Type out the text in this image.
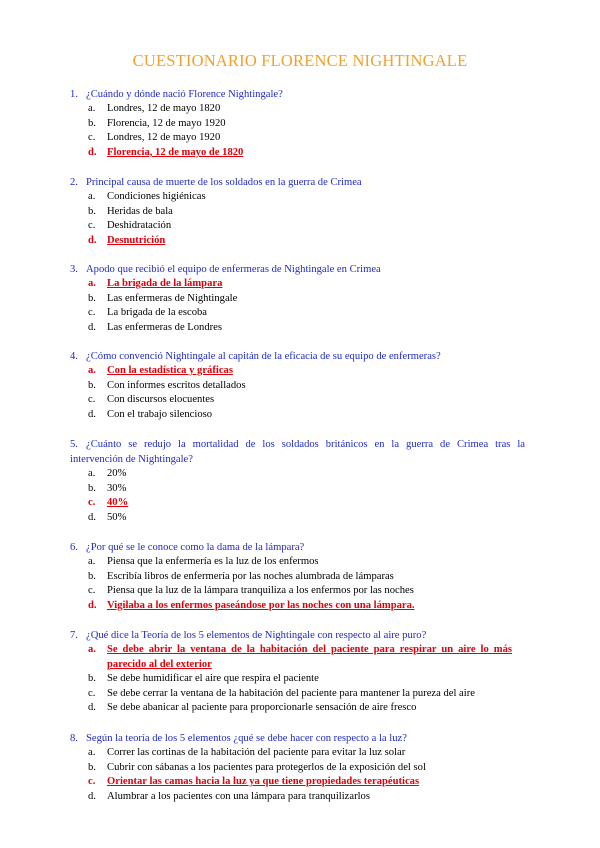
CUESTIONARIO FLORENCE NIGHTINGALE
1. ¿Cuándo y dónde nació Florence Nightingale?
a.	Londres, 12 de mayo 1820
b.	Florencia, 12 de mayo 1920
c.	Londres, 12 de mayo 1920
d. Florencia, 12 de mayo de 1820
2. Principal causa de muerte de los soldados en la guerra de Crimea
a.	Condiciones higiénicas
b.	Heridas de bala
c.	Deshidratación
d. Desnutrición
3. Apodo que recibió el equipo de enfermeras de Nightingale en Crimea
a.	La brigada de la lámpara
b.	Las enfermeras de Nightingale
c.	La brigada de la escoba
d.	Las enfermeras de Londres
4. ¿Cómo convenció Nightingale al capitán de la eficacia de su equipo de enfermeras?
a.	Con la estadística y gráficas
b.	Con informes escritos detallados
c.	Con discursos elocuentes
d.	Con el trabajo silencioso
5. ¿Cuánto se redujo la mortalidad de los soldados británicos en la guerra de Crimea tras la
intervención de Nightingale?
a.	20%
b.	30%
c.	40%
d.	50%
6. ¿Por qué se le conoce como la dama de la lámpara?
a.	Piensa que la enfermería es la luz de los enfermos
b.	Escribía libros de enfermería por las noches alumbrada de lámparas
c.	Piensa que la luz de la lámpara tranquiliza a los enfermos por las noches
d. Vigilaba a los enfermos paseándose por las noches con una lámpara.
7. ¿Qué dice la Teoría de los 5 elementos de Nightingale con respecto al aire puro?
a.	Se debe abrir la ventana de la habitación del paciente para respirar un aire lo más parecido al del exterior
b.	Se debe humidificar el aire que respira el paciente
c.	Se debe cerrar la ventana de la habitación del paciente para mantener la pureza del aire
d.	Se debe abanicar al paciente para proporcionarle sensación de aire fresco
8. Según la teoría de los 5 elementos ¿qué se debe hacer con respecto a la luz?
a.	Correr las cortinas de la habitación del paciente para evitar la luz solar
b.	Cubrir con sábanas a los pacientes para protegerlos de la exposición del sol
c.	Orientar las camas hacia la luz ya que tiene propiedades terapéuticas
d.	Alumbrar a los pacientes con una lámpara para tranquilizarlos
